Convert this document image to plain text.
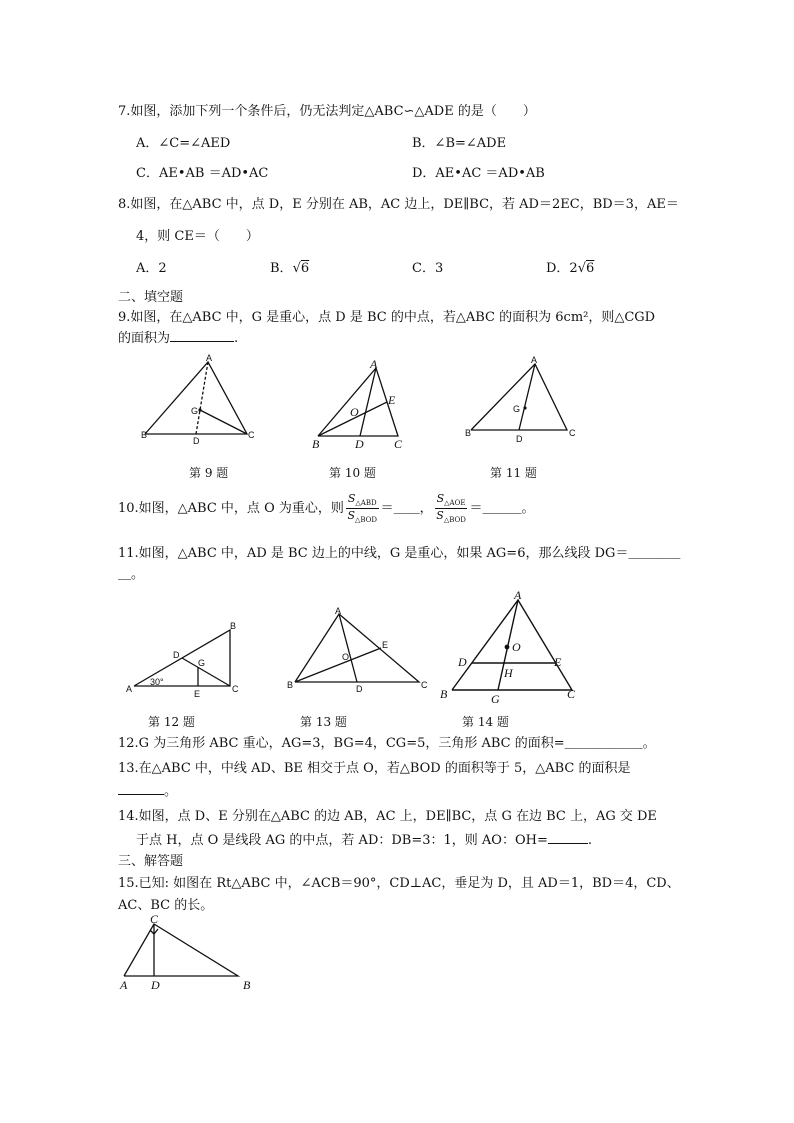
7.如图，添加下列一个条件后，仍无法判定△ABC∽△ADE 的是（　　）
A．∠C=∠AED	B．∠B=∠ADE
C．AE•AB ＝AD•AC	D．AE•AC ＝AD•AB
8.如图，在△ABC 中，点 D，E 分别在 AB，AC 边上，DE∥BC，若 AD＝2EC，BD＝3，AE＝
4，则 CE＝（　　）
A．2	B．√6	C．3	D．2√6
二、填空题
9.如图，在△ABC 中，G 是重心，点 D 是 BC 的中点，若△ABC 的面积为 6cm²，则△CGD
的面积为	.
A
B	C
G
D
A
E
O
B	D	C
A
B	C
G
D
第 9 题	第 10 题	第 11 题
10.如图，△ABC 中，点 O 为重心，则 $\frac{S_{\triangle ABD}}{S_{\triangle BOD}}$ ＝＿＿， $\frac{S_{\triangle AOE}}{S_{\triangle BOD}}$ ＝＿＿＿。
11.如图，△ABC 中，AD 是 BC 边上的中线，G 是重心，如果 AG=6，那么线段 DG＝＿＿＿＿
＿。
B
D
G
30°
A	E	C
A
E
O
B	D	C
A
O
D	E
H
B	G	C
第 12 题	第 13 题	第 14 题
12.G 为三角形 ABC 重心，AG=3，BG=4，CG=5，三角形 ABC 的面积=＿＿＿＿＿＿。
13.在△ABC 中，中线 AD、BE 相交于点 O，若△BOD 的面积等于 5，△ABC 的面积是
。
14.如图，点 D、E 分别在△ABC 的边 AB，AC 上，DE∥BC，点 G 在边 BC 上，AG 交 DE
于点 H，点 O 是线段 AG 的中点，若 AD：DB=3：1，则 AO：OH=	.
三、解答题
15.已知: 如图在 Rt△ABC 中，∠ACB＝90°，CD⊥AC，垂足为 D，且 AD＝1，BD＝4，CD、
AC、BC 的长。
C
A D	B
